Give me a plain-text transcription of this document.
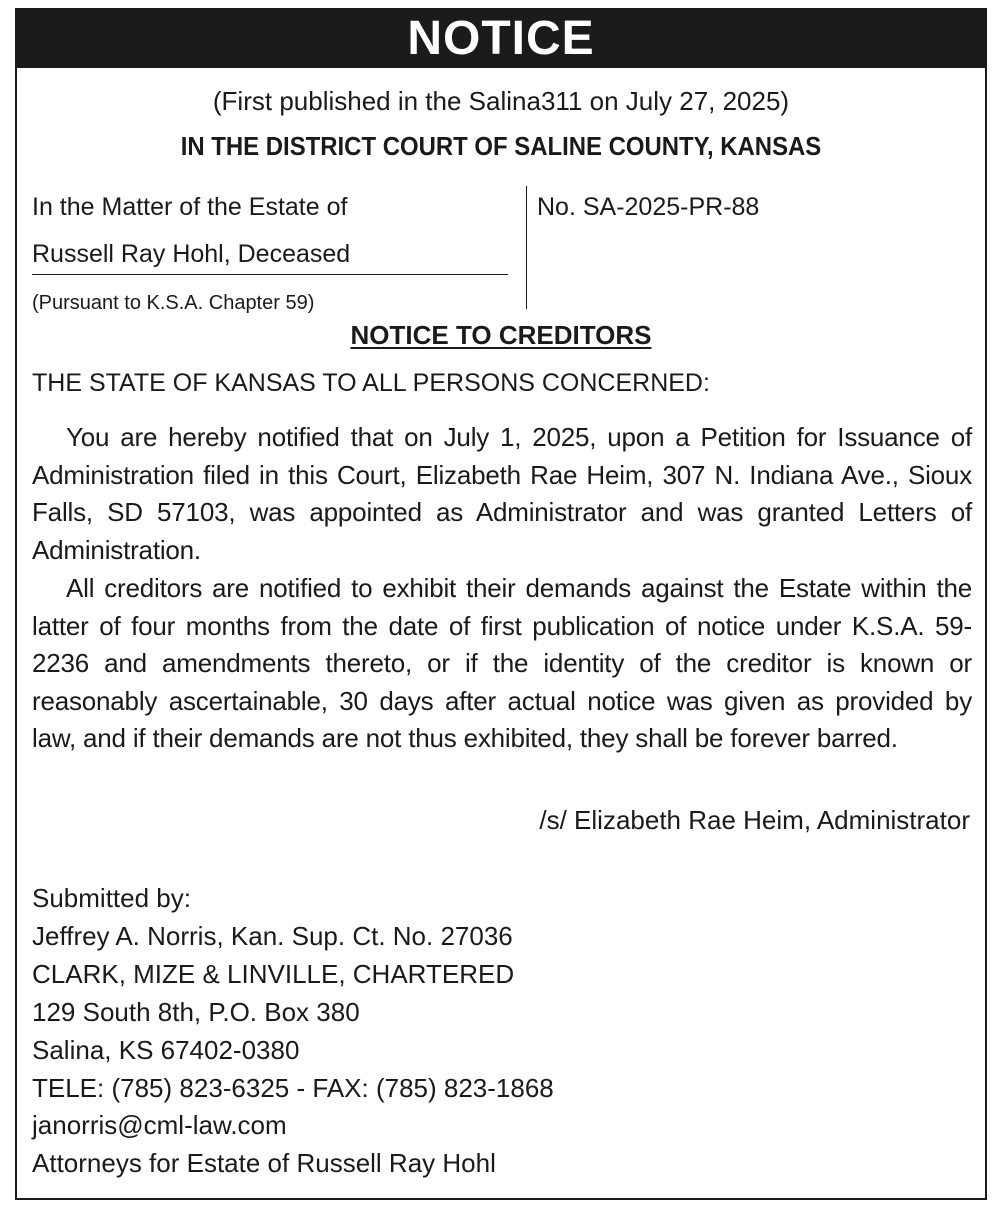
NOTICE
(First published in the Salina311 on July 27, 2025)
IN THE DISTRICT COURT OF SALINE COUNTY, KANSAS
In the Matter of the Estate of
Russell Ray Hohl, Deceased
No. SA-2025-PR-88
(Pursuant to K.S.A. Chapter 59)
NOTICE TO CREDITORS
THE STATE OF KANSAS TO ALL PERSONS CONCERNED:
You are hereby notified that on July 1, 2025, upon a Petition for Issuance of Administration filed in this Court, Elizabeth Rae Heim, 307 N. Indiana Ave., Sioux Falls, SD 57103, was appointed as Administrator and was granted Letters of Administration.
All creditors are notified to exhibit their demands against the Estate within the latter of four months from the date of first publication of notice under K.S.A. 59-2236 and amendments thereto, or if the identity of the creditor is known or reasonably ascertainable, 30 days after actual notice was given as provided by law, and if their demands are not thus exhibited, they shall be forever barred.
/s/ Elizabeth Rae Heim, Administrator
Submitted by:
Jeffrey A. Norris, Kan. Sup. Ct. No. 27036
CLARK, MIZE & LINVILLE, CHARTERED
129 South 8th, P.O. Box 380
Salina, KS 67402-0380
TELE: (785) 823-6325 - FAX: (785) 823-1868
janorris@cml-law.com
Attorneys for Estate of Russell Ray Hohl
